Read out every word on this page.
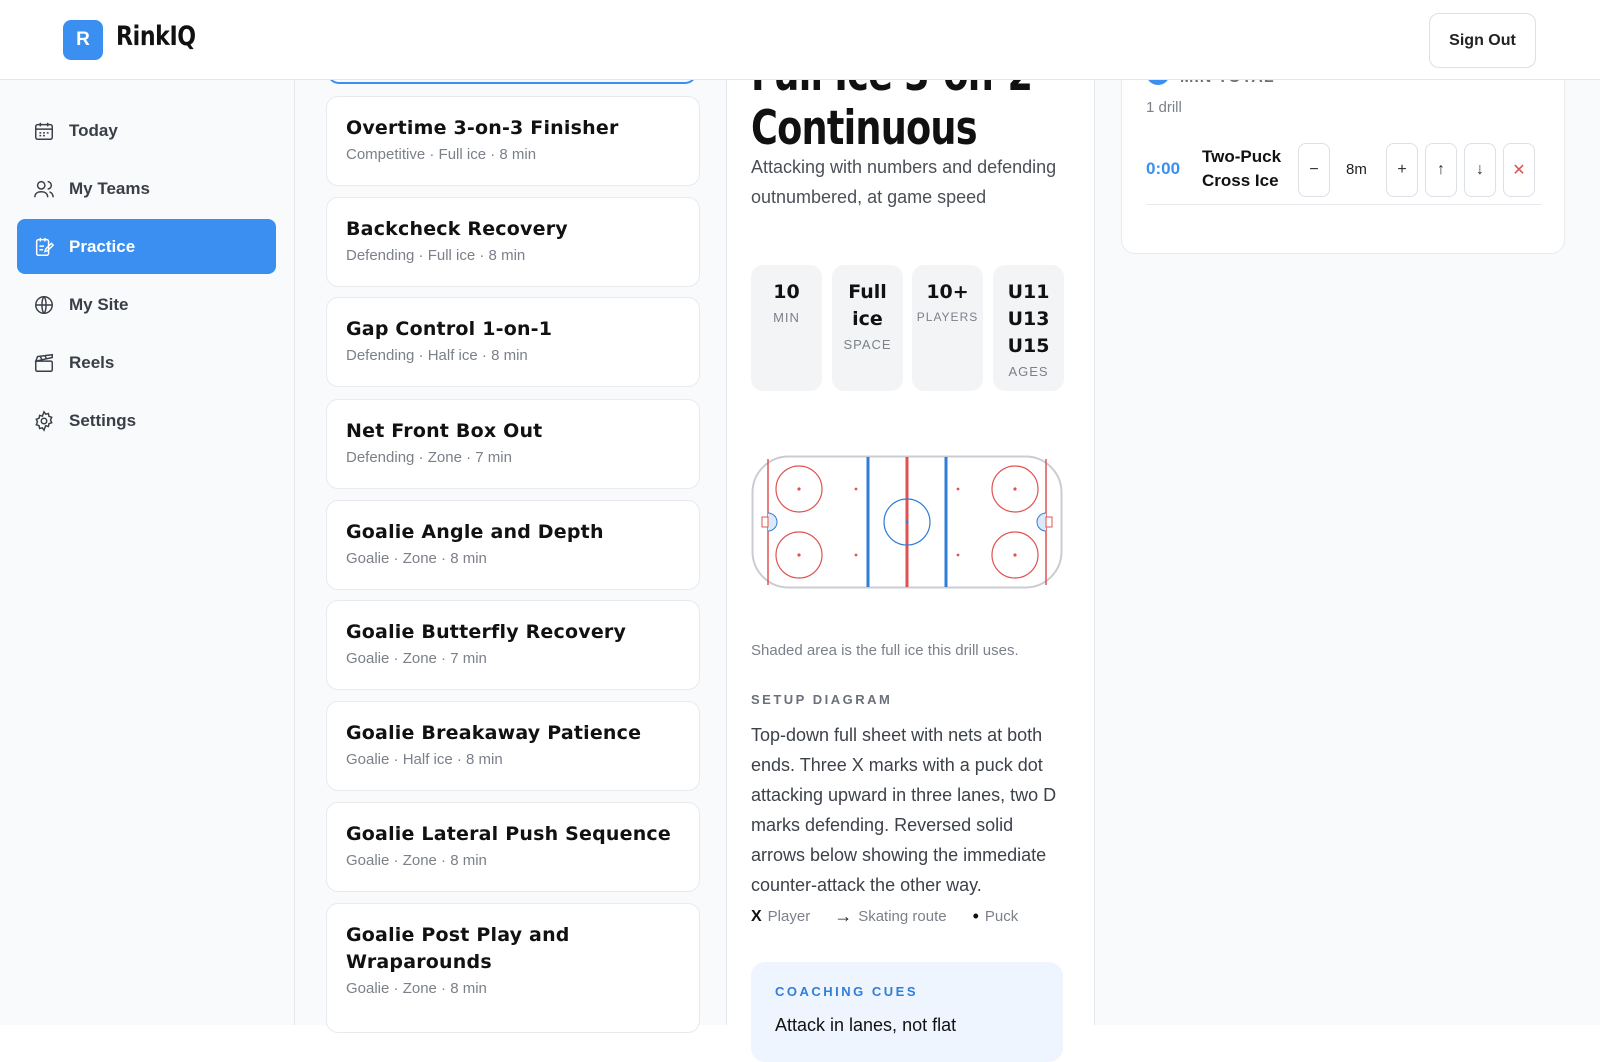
R RinkIQ	Sign Out
Today
My Teams
Practice
My Site
Reels
Settings
Overtime 3-on-3 Finisher
Competitive · Full ice · 8 min
Backcheck Recovery
Defending · Full ice · 8 min
Gap Control 1-on-1
Defending · Half ice · 8 min
Net Front Box Out
Defending · Zone · 7 min
Goalie Angle and Depth
Goalie · Zone · 8 min
Goalie Butterfly Recovery
Goalie · Zone · 7 min
Goalie Breakaway Patience
Goalie · Half ice · 8 min
Goalie Lateral Push Sequence
Goalie · Zone · 8 min
Goalie Post Play and Wraparounds
Goalie · Zone · 8 min
Continuous
Attacking with numbers and defending outnumbered, at game speed
10
MIN
Full ice
SPACE
10+
PLAYERS
U11 U13 U15
AGES
Shaded area is the full ice this drill uses.
SETUP DIAGRAM
Top-down full sheet with nets at both ends. Three X marks with a puck dot attacking upward in three lanes, two D marks defending. Reversed solid arrows below showing the immediate counter-attack the other way.
X Player → Skating route • Puck
COACHING CUES
Attack in lanes, not flat
1 drill
0:00
Two-Puck
Cross Ice
−	8m	+	↑	↓	✕
